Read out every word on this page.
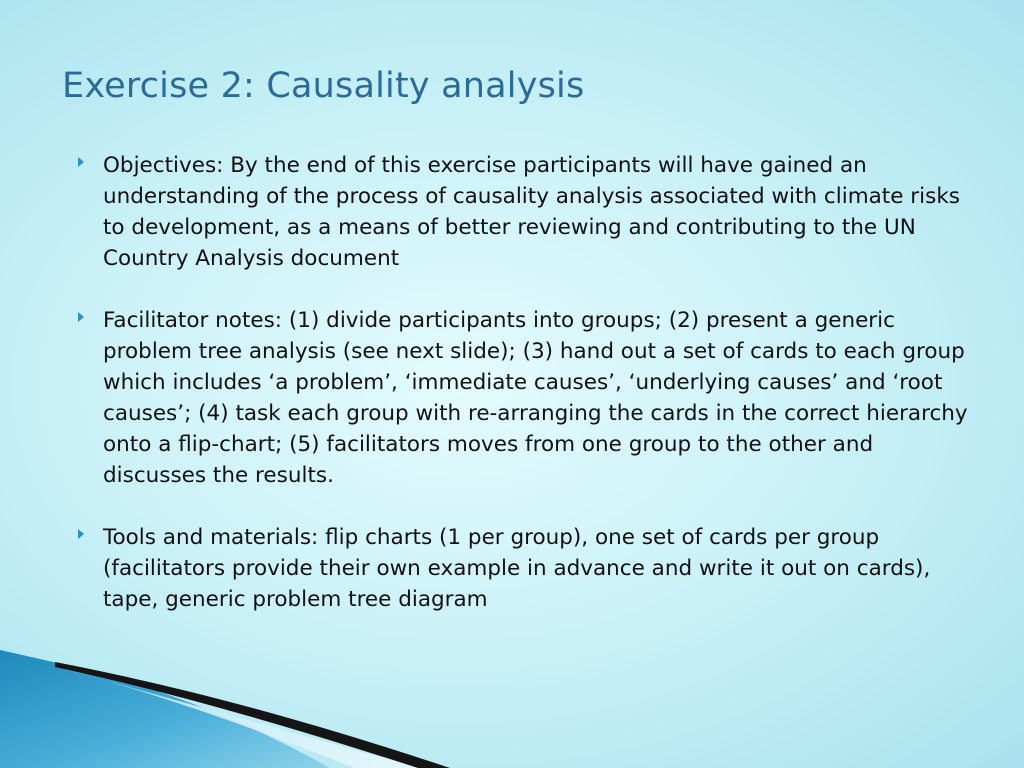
Exercise 2: Causality analysis
Objectives: By the end of this exercise participants will have gained an understanding of the process of causality analysis associated with climate risks to development, as a means of better reviewing and contributing to the UN Country Analysis document
Facilitator notes: (1) divide participants into groups; (2) present a generic problem tree analysis (see next slide); (3) hand out a set of cards to each group which includes ‘a problem’, ‘immediate causes’, ‘underlying causes’ and ‘root causes’; (4) task each group with re-arranging the cards in the correct hierarchy onto a flip-chart; (5) facilitators moves from one group to the other and discusses the results.
Tools and materials: flip charts (1 per group), one set of cards per group (facilitators provide their own example in advance and write it out on cards), tape, generic problem tree diagram
